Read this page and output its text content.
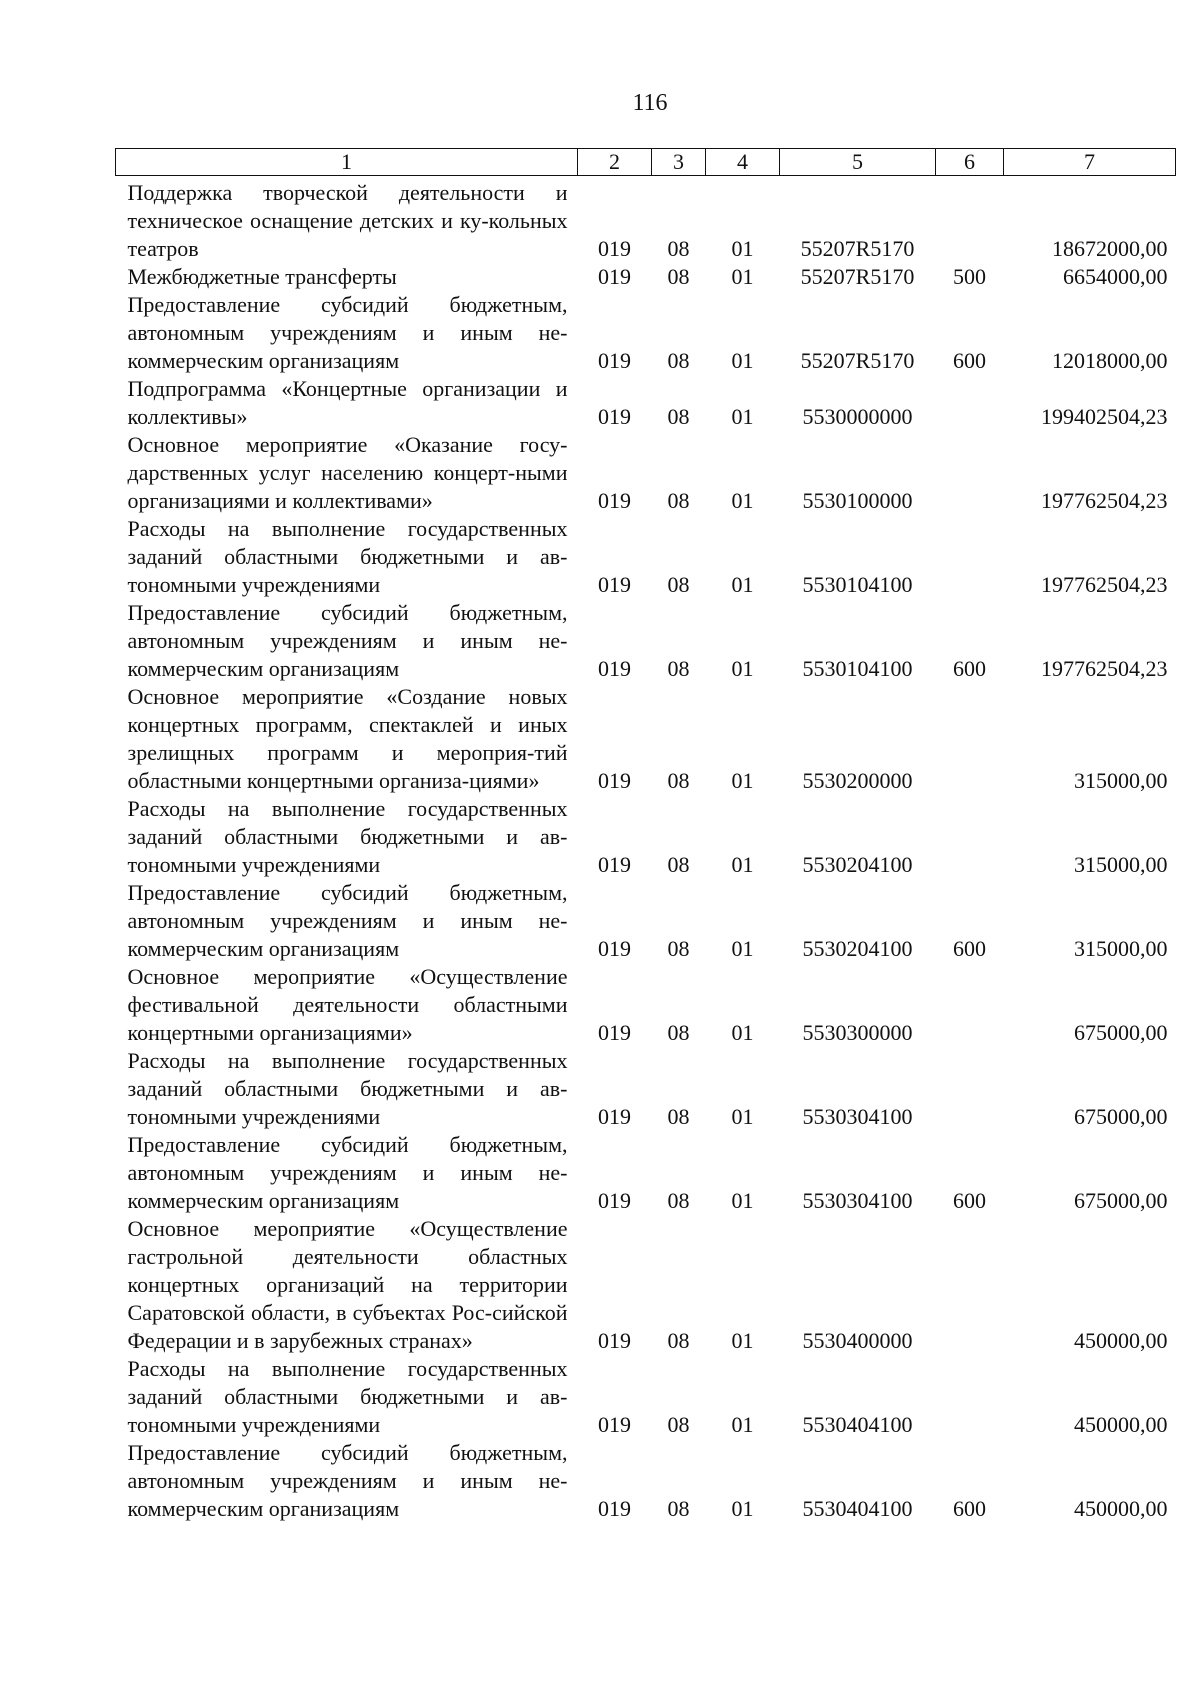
116
1	2	3	4	5	6	7
Поддержка творческой деятельности и техническое оснащение детских и ку-кольных театров	019	08	01	55207R5170		18672000,00
Межбюджетные трансферты	019	08	01	55207R5170	500	6654000,00
Предоставление субсидий бюджетным, автономным учреждениям и иным не-коммерческим организациям	019	08	01	55207R5170	600	12018000,00
Подпрограмма «Концертные организации и коллективы»	019	08	01	5530000000		199402504,23
Основное мероприятие «Оказание госу-дарственных услуг населению концерт-ными организациями и коллективами»	019	08	01	5530100000		197762504,23
Расходы на выполнение государственных заданий областными бюджетными и ав-тономными учреждениями	019	08	01	5530104100		197762504,23
Предоставление субсидий бюджетным, автономным учреждениям и иным не-коммерческим организациям	019	08	01	5530104100	600	197762504,23
Основное мероприятие «Создание новых концертных программ, спектаклей и иных зрелищных программ и мероприя-тий областными концертными организа-циями»	019	08	01	5530200000		315000,00
Расходы на выполнение государственных заданий областными бюджетными и ав-тономными учреждениями	019	08	01	5530204100		315000,00
Предоставление субсидий бюджетным, автономным учреждениям и иным не-коммерческим организациям	019	08	01	5530204100	600	315000,00
Основное мероприятие «Осуществление фестивальной деятельности областными концертными организациями»	019	08	01	5530300000		675000,00
Расходы на выполнение государственных заданий областными бюджетными и ав-тономными учреждениями	019	08	01	5530304100		675000,00
Предоставление субсидий бюджетным, автономным учреждениям и иным не-коммерческим организациям	019	08	01	5530304100	600	675000,00
Основное мероприятие «Осуществление гастрольной деятельности областных концертных организаций на территории Саратовской области, в субъектах Рос-сийской Федерации и в зарубежных странах»	019	08	01	5530400000		450000,00
Расходы на выполнение государственных заданий областными бюджетными и ав-тономными учреждениями	019	08	01	5530404100		450000,00
Предоставление субсидий бюджетным, автономным учреждениям и иным не-коммерческим организациям	019	08	01	5530404100	600	450000,00
